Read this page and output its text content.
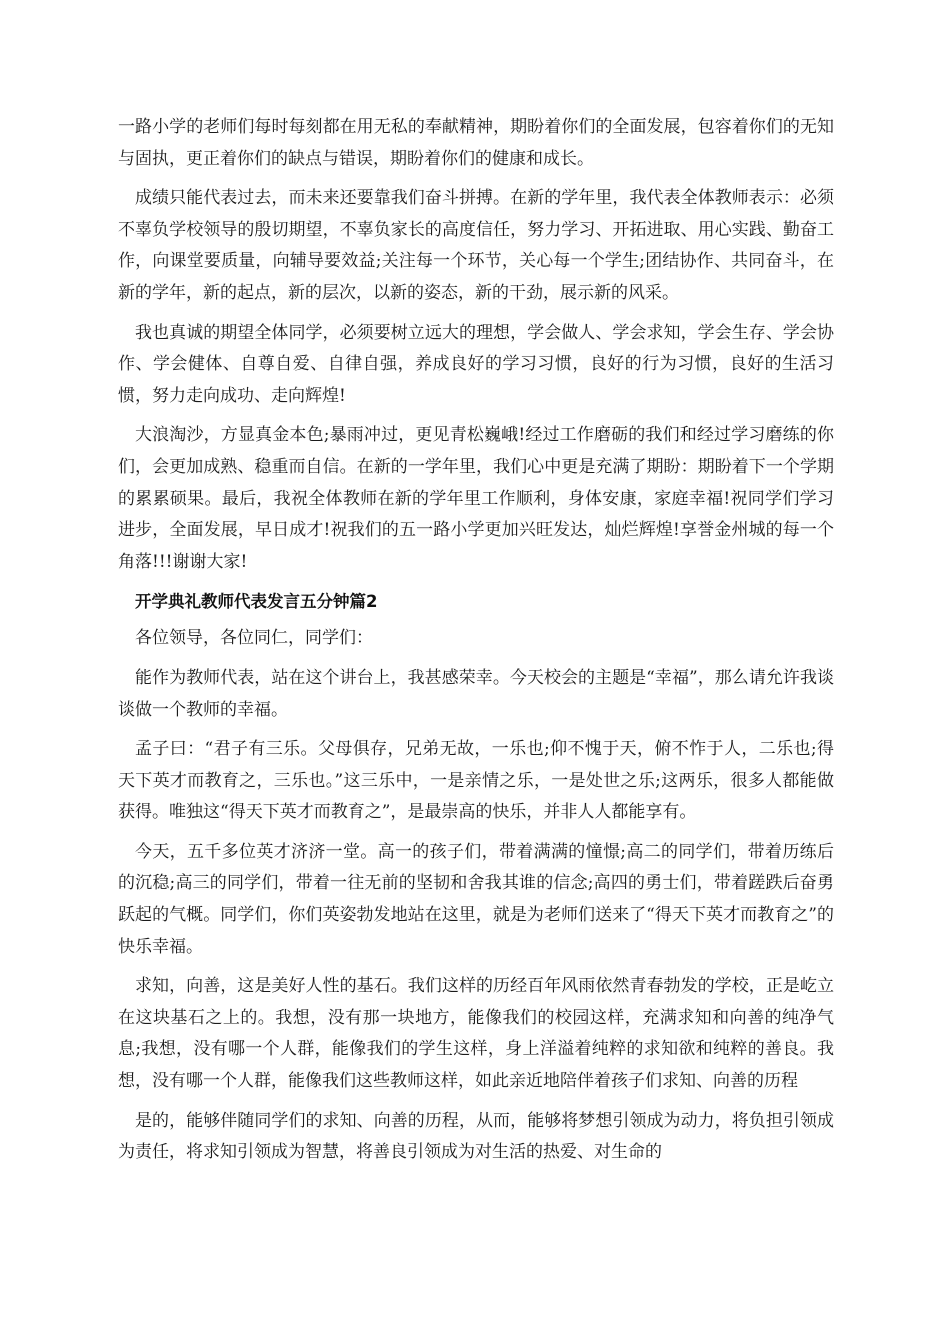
一路小学的老师们每时每刻都在用无私的奉献精神，期盼着你们的全面发展，包容着你们的无知与固执，更正着你们的缺点与错误，期盼着你们的健康和成长。

成绩只能代表过去，而未来还要靠我们奋斗拼搏。在新的学年里，我代表全体教师表示：必须不辜负学校领导的殷切期望，不辜负家长的高度信任，努力学习、开拓进取、用心实践、勤奋工作，向课堂要质量，向辅导要效益;关注每一个环节，关心每一个学生;团结协作、共同奋斗，在新的学年，新的起点，新的层次，以新的姿态，新的干劲，展示新的风采。

我也真诚的期望全体同学，必须要树立远大的理想，学会做人、学会求知，学会生存、学会协作、学会健体、自尊自爱、自律自强，养成良好的学习习惯，良好的行为习惯，良好的生活习惯，努力走向成功、走向辉煌!

大浪淘沙，方显真金本色;暴雨冲过，更见青松巍峨!经过工作磨砺的我们和经过学习磨练的你们，会更加成熟、稳重而自信。在新的一学年里，我们心中更是充满了期盼：期盼着下一个学期的累累硕果。最后，我祝全体教师在新的学年里工作顺利，身体安康，家庭幸福!祝同学们学习进步，全面发展，早日成才!祝我们的五一路小学更加兴旺发达，灿烂辉煌!享誉金州城的每一个角落!!!谢谢大家!

开学典礼教师代表发言五分钟篇2

各位领导，各位同仁，同学们：

能作为教师代表，站在这个讲台上，我甚感荣幸。今天校会的主题是“幸福”，那么请允许我谈谈做一个教师的幸福。

孟子曰：“君子有三乐。父母俱存，兄弟无故，一乐也;仰不愧于天，俯不怍于人，二乐也;得天下英才而教育之，三乐也。”这三乐中，一是亲情之乐，一是处世之乐;这两乐，很多人都能做获得。唯独这“得天下英才而教育之”，是最崇高的快乐，并非人人都能享有。

今天，五千多位英才济济一堂。高一的孩子们，带着满满的憧憬;高二的同学们，带着历练后的沉稳;高三的同学们，带着一往无前的坚韧和舍我其谁的信念;高四的勇士们，带着蹉跌后奋勇跃起的气概。同学们，你们英姿勃发地站在这里，就是为老师们送来了“得天下英才而教育之”的快乐幸福。

求知，向善，这是美好人性的基石。我们这样的历经百年风雨依然青春勃发的学校，正是屹立在这块基石之上的。我想，没有那一块地方，能像我们的校园这样，充满求知和向善的纯净气息;我想，没有哪一个人群，能像我们的学生这样，身上洋溢着纯粹的求知欲和纯粹的善良。我想，没有哪一个人群，能像我们这些教师这样，如此亲近地陪伴着孩子们求知、向善的历程

是的，能够伴随同学们的求知、向善的历程，从而，能够将梦想引领成为动力，将负担引领成为责任，将求知引领成为智慧，将善良引领成为对生活的热爱、对生命的
